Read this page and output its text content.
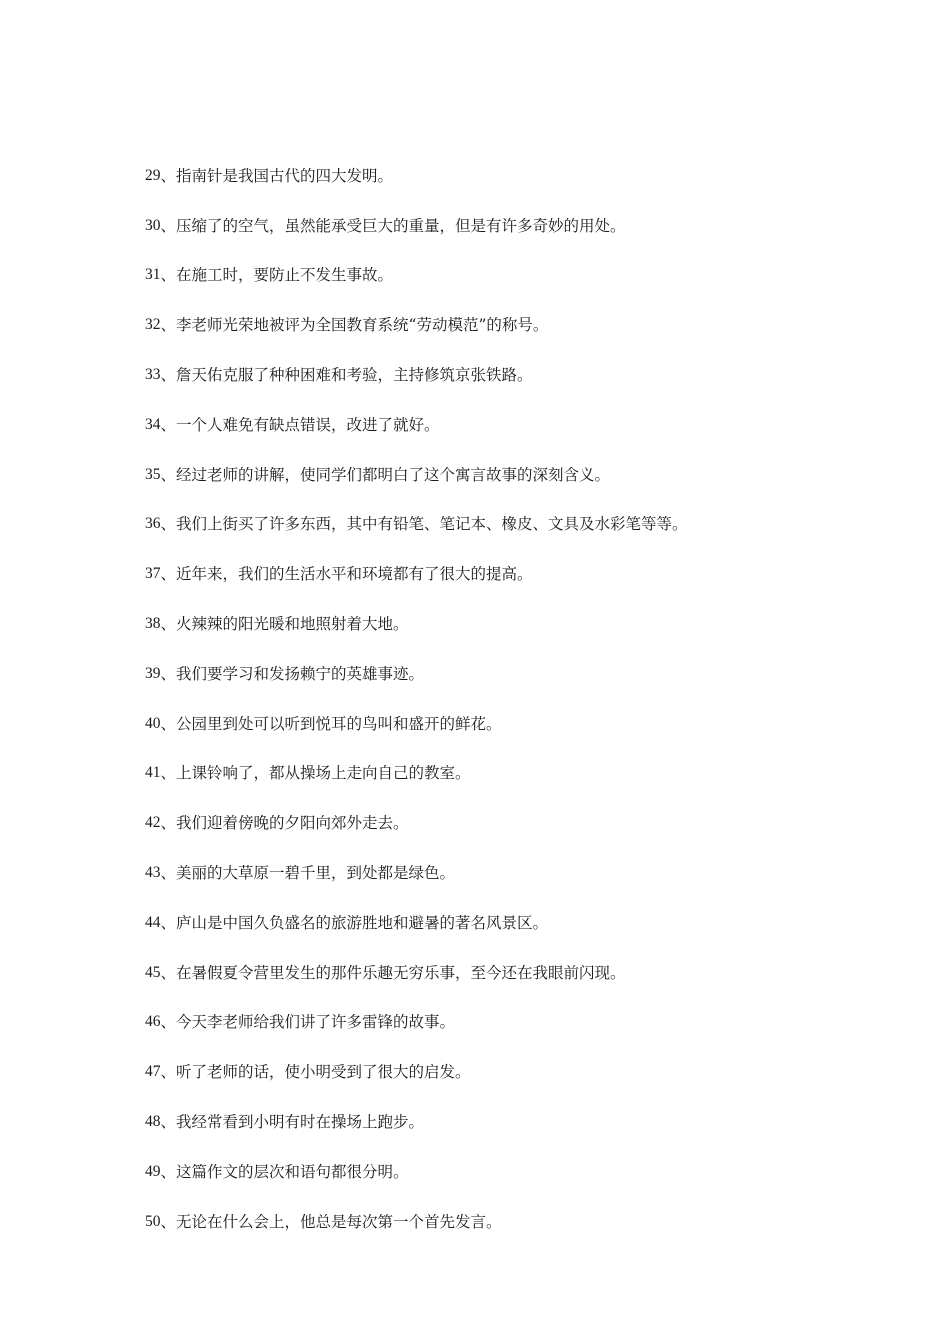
29 、 指南针是我国古代的四大发明。
30 、 压缩了的空气，虽然能承受巨大的重量，但是有许多奇妙的用处。
31 、 在施工时，要防止不发生事故。
32 、 李老师光荣地被评为全国教育系统“劳动模范”的称号。
33 、 詹天佑克服了种种困难和考验，主持修筑京张铁路。
34 、 一个人难免有缺点错误，改进了就好。
35 、 经过老师的讲解，使同学们都明白了这个寓言故事的深刻含义。
36 、 我们上街买了许多东西，其中有铅笔、笔记本、橡皮、文具及水彩笔等等。
37 、 近年来，我们的生活水平和环境都有了很大的提高。
38 、 火辣辣的阳光暖和地照射着大地。
39 、 我们要学习和发扬赖宁的英雄事迹。
40 、 公园里到处可以听到悦耳的鸟叫和盛开的鲜花。
41 、 上课铃响了，都从操场上走向自己的教室。
42 、 我们迎着傍晚的夕阳向郊外走去。
43 、 美丽的大草原一碧千里，到处都是绿色。
44 、 庐山是中国久负盛名的旅游胜地和避暑的著名风景区。
45 、 在暑假夏令营里发生的那件乐趣无穷乐事，至今还在我眼前闪现。
46 、 今天李老师给我们讲了许多雷锋的故事。
47 、 听了老师的话，使小明受到了很大的启发。
48 、 我经常看到小明有时在操场上跑步。
49 、 这篇作文的层次和语句都很分明。
50 、 无论在什么会上，他总是每次第一个首先发言。
